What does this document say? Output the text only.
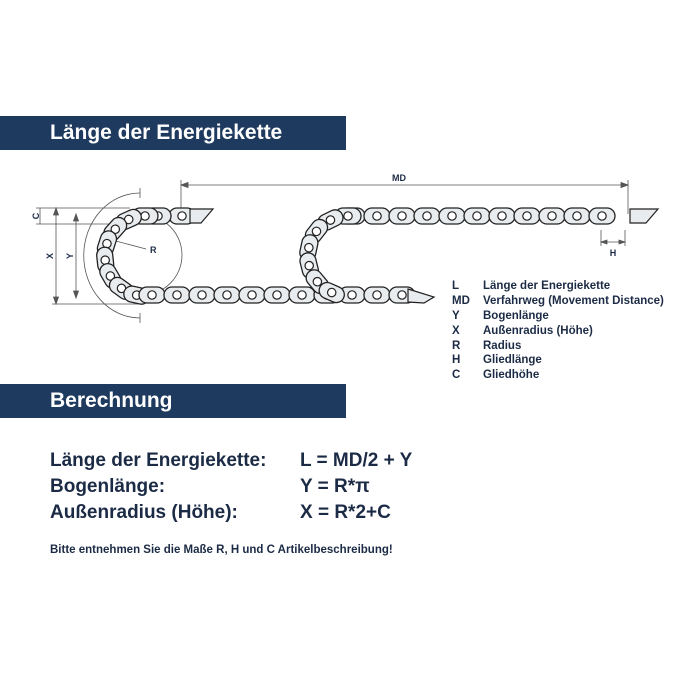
Länge der Energiekette
MD
C
X Y
R	H
L	Länge der Energiekette
MD	Verfahrweg (Movement Distance)
Y	Bogenlänge
X	Außenradius (Höhe)
R	Radius
H	Gliedlänge
C	Gliedhöhe
Berechnung
Länge der Energiekette:	L = MD/2 + Y
Bogenlänge:	Y = R*π
Außenradius (Höhe):	X = R*2+C
Bitte entnehmen Sie die Maße R, H und C Artikelbeschreibung!
